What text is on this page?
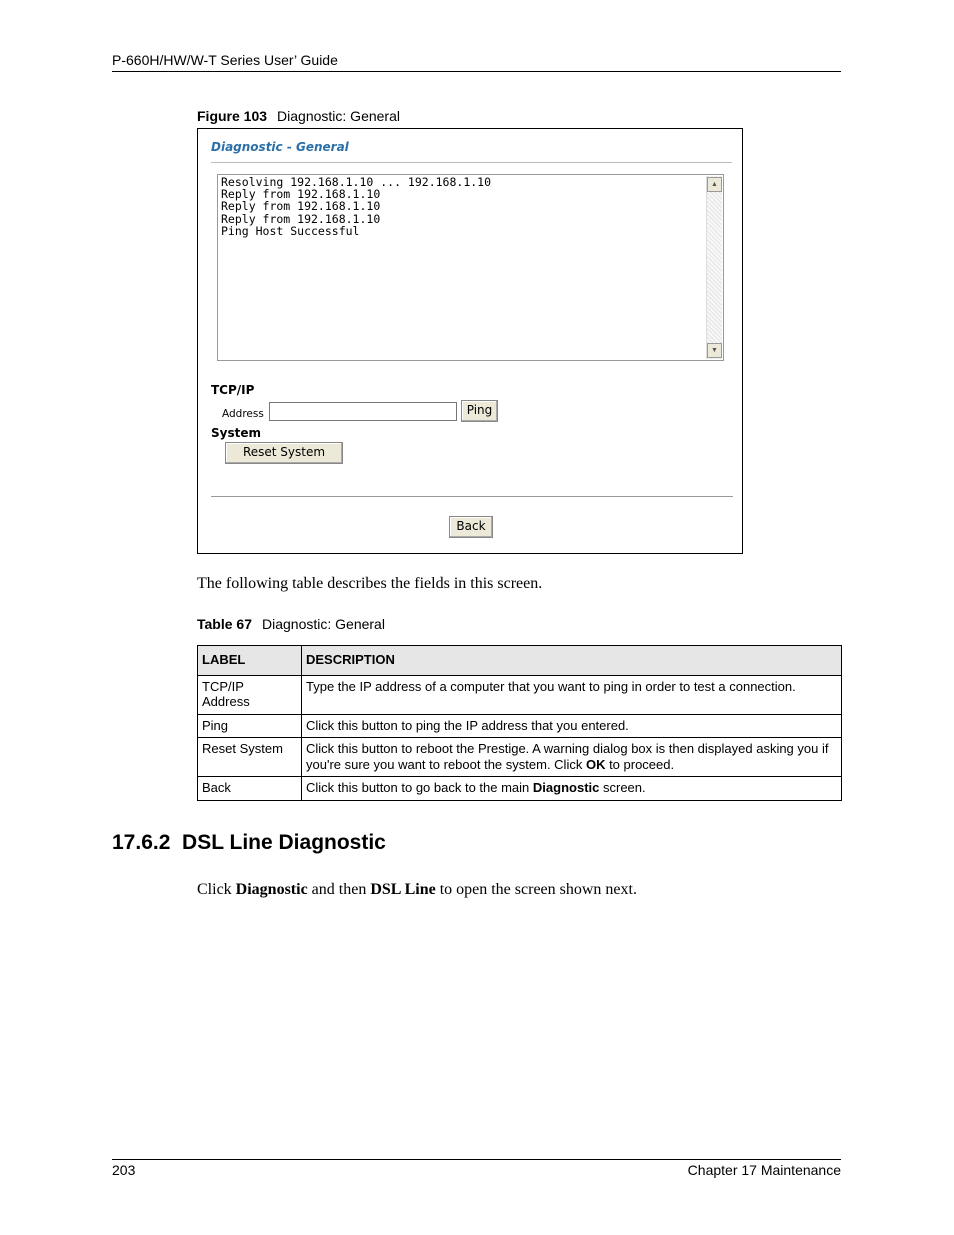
P-660H/HW/W-T Series User’ Guide
Figure 103 Diagnostic: General
Diagnostic - General
Resolving 192.168.1.10 ... 192.168.1.10
Reply from 192.168.1.10
Reply from 192.168.1.10
Reply from 192.168.1.10
Ping Host Successful
▲
▼
TCP/IP
Address	Ping
System
Reset System
Back
The following table describes the fields in this screen.
Table 67 Diagnostic: General
LABEL	DESCRIPTION

TCP/IP
Address	Type the IP address of a computer that you want to ping in order to test a connection.
Ping	Click this button to ping the IP address that you entered.
Reset System	Click this button to reboot the Prestige. A warning dialog box is then displayed asking you if you're sure you want to reboot the system. Click OK to proceed.
Back	Click this button to go back to the main Diagnostic screen.
17.6.2  DSL Line Diagnostic
Click Diagnostic and then DSL Line to open the screen shown next.
203	Chapter 17 Maintenance
